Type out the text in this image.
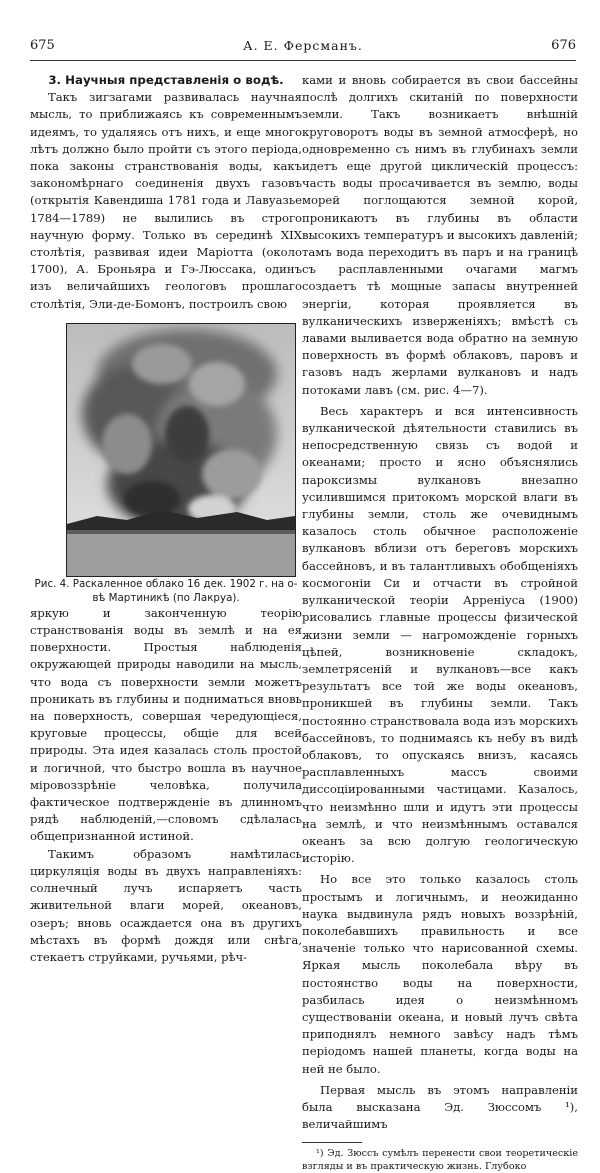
675	А. Е. Ферсманъ.	676

3. Научныя представленія о водѣ.

Такъ зигзагами развивалась научная мысль, то приближаясь къ современнымъ идеямъ, то удаляясь отъ нихъ, и еще много лѣтъ должно было пройти съ этого періода, пока законы странствованія воды, какъ закономѣрнаго соединенія двухъ газовъ (открытія Кавендиша 1781 года и Лавуазье 1784—1789) не вылились въ строго научную форму. Только въ серединѣ XIX столѣтія, развивая идеи Маріотта (около 1700), А. Броньяра и Гэ-Люссака, одинъ изъ величайшихъ геологовъ прошлаго столѣтія, Эли-де-Бомонъ, построилъ свою

Рис. 4. Раскаленное облако 16 дек. 1902 г. на о-вѣ Мартиникѣ (по Лакруа).

яркую и законченную теорію странствованія воды въ землѣ и на ея поверхности. Простыя наблюденія окружающей природы наводили на мысль, что вода съ поверхности земли можетъ проникать въ глубины и подниматься вновь на поверхность, совершая чередующіеся, круговые процессы, общіе для всей природы. Эта идея казалась столь простой и логичной, что быстро вошла въ научное міровоззрѣніе человѣка, получила фактическое подтвержденіе въ длинномъ рядѣ наблюденій,—словомъ сдѣлалась общепризнанной истиной.

Такимъ образомъ намѣтилась циркуляція воды въ двухъ направленіяхъ: солнечный лучъ испаряетъ часть живительной влаги морей, океановъ, озеръ; вновь осаждается она въ другихъ мѣстахъ въ формѣ дождя или снѣга, стекаетъ струйками, ручьями, рѣч-

ками и вновь собирается въ свои бассейны послѣ долгихъ скитаній по поверхности земли. Такъ возникаетъ внѣшній круговоротъ воды въ земной атмосферѣ, но одновременно съ нимъ въ глубинахъ земли идетъ еще другой циклическій процессъ: часть воды просачивается въ землю, воды морей поглощаются земной корой, проникаютъ въ глубины въ области высокихъ температуръ и высокихъ давленій; тамъ вода переходитъ въ паръ и на границѣ съ расплавленными очагами магмъ создаетъ тѣ мощные запасы внутренней энергіи, которая проявляется въ вулканическихъ изверженіяхъ; вмѣстѣ съ лавами выливается вода обратно на земную поверхность въ формѣ облаковъ, паровъ и газовъ надъ жерлами вулкановъ и надъ потоками лавъ (см. рис. 4—7).

Весь характеръ и вся интенсивность вулканической дѣятельности ставились въ непосредственную связь съ водой и океанами; просто и ясно объяснялись пароксизмы вулкановъ внезапно усилившимся притокомъ морской влаги въ глубины земли, столь же очевиднымъ казалось столь обычное расположеніе вулкановъ вблизи отъ береговъ морскихъ бассейновъ, и въ талантливыхъ обобщеніяхъ космогоніи Си и отчасти въ стройной вулканической теоріи Арреніуса (1900) рисовались главные процессы физической жизни земли — нагроможденіе горныхъ цѣпей, возникновеніе складокъ, землетрясеній и вулкановъ—все какъ результатъ все той же воды океановъ, проникшей въ глубины земли. Такъ постоянно странствовала вода изъ морскихъ бассейновъ, то поднимаясь къ небу въ видѣ облаковъ, то опускаясь внизъ, касаясь расплавленныхъ массъ своими диссоціированными частицами. Казалось, что неизмѣнно шли и идутъ эти процессы на землѣ, и что неизмѣннымъ оставался океанъ за всю долгую геологическую исторію.

Но все это только казалось столь простымъ и логичнымъ, и неожиданно наука выдвинула рядъ новыхъ воззрѣній, поколебавшихъ правильность и все значеніе только что нарисованной схемы. Яркая мысль поколебала вѣру въ постоянство воды на поверхности, разбилась идея о неизмѣнномъ существованіи океана, и новый лучъ свѣта приподнялъ немного завѣсу надъ тѣмъ періодомъ нашей планеты, когда воды на ней не было.

Первая мысль въ этомъ направленіи была высказана Эд. Зюссомъ ¹), величайшимъ

¹) Эд. Зюссъ сумѣлъ перенести свои теоретическіе взгляды и въ практическую жизнь. Глубоко
